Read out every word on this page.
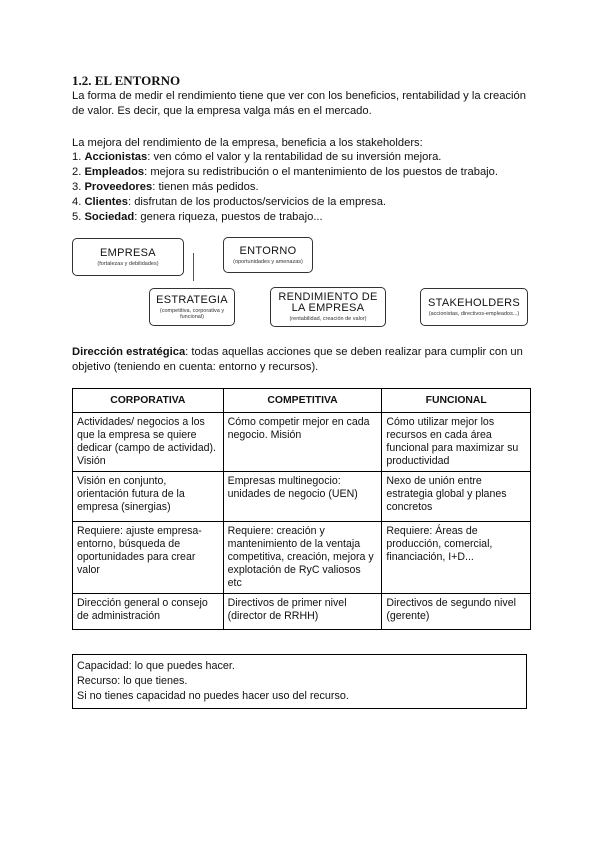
1.2. EL ENTORNO
La forma de medir el rendimiento tiene que ver con los beneficios, rentabilidad y la creación de valor. Es decir, que la empresa valga más en el mercado.
La mejora del rendimiento de la empresa, beneficia a los stakeholders:
1. Accionistas: ven cómo el valor y la rentabilidad de su inversión mejora.
2. Empleados: mejora su redistribución o el mantenimiento de los puestos de trabajo.
3. Proveedores: tienen más pedidos.
4. Clientes: disfrutan de los productos/servicios de la empresa.
5. Sociedad: genera riqueza, puestos de trabajo...
EMPRESA
(fortalezas y debilidades)
ENTORNO
(oportunidades y amenazas)
ESTRATEGIA
(competitiva, corporativa y funcional)
RENDIMIENTO DE LA EMPRESA
(rentabilidad, creación de valor)
STAKEHOLDERS
(accionistas, directivos-empleados...)
Dirección estratégica: todas aquellas acciones que se deben realizar para cumplir con un objetivo (teniendo en cuenta: entorno y recursos).
CORPORATIVA	COMPETITIVA	FUNCIONAL
Actividades/ negocios a los que la empresa se quiere dedicar (campo de actividad). Visión	Cómo competir mejor en cada negocio. Misión	Cómo utilizar mejor los recursos en cada área funcional para maximizar su productividad
Visión en conjunto, orientación futura de la empresa (sinergias)	Empresas multinegocio: unidades de negocio (UEN)	Nexo de unión entre estrategia global y planes concretos
Requiere: ajuste empresa-entorno, búsqueda de oportunidades para crear valor	Requiere: creación y mantenimiento de la ventaja competitiva, creación, mejora y explotación de RyC valiosos etc	Requiere: Áreas de producción, comercial, financiación, I+D...
Dirección general o consejo de administración	Directivos de primer nivel (director de RRHH)	Directivos de segundo nivel (gerente)
Capacidad: lo que puedes hacer.
Recurso: lo que tienes.
Si no tienes capacidad no puedes hacer uso del recurso.
